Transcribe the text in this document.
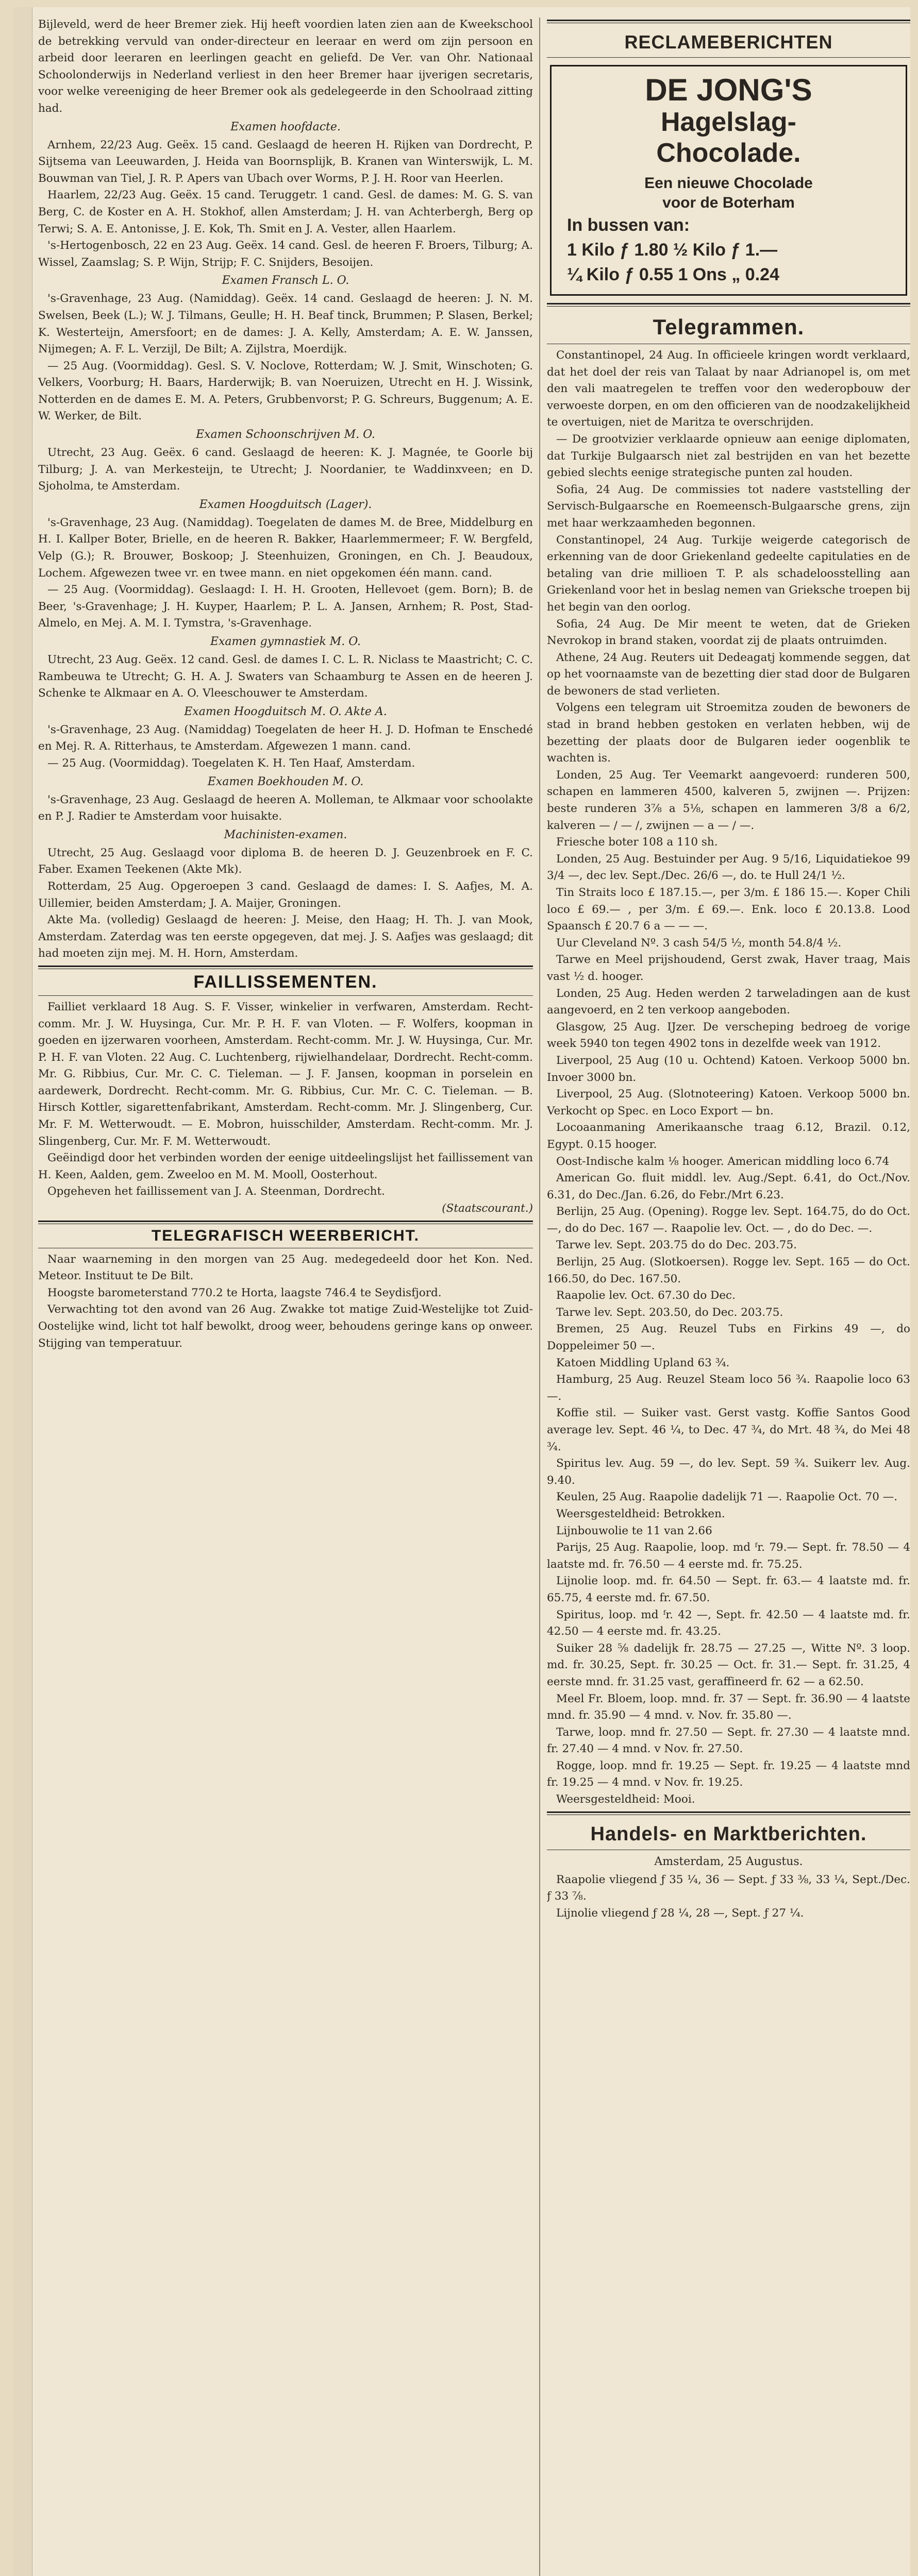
Bijleveld, werd de heer Bremer ziek. Hij heeft voordien laten zien aan de Kweekschool de betrekking vervuld van onder-directeur en leeraar en werd om zijn persoon en arbeid door leeraren en leerlingen geacht en geliefd. De Ver. van Ohr. Nationaal Schoolonderwijs in Nederland verliest in den heer Bremer haar ijverigen secretaris, voor welke vereeniging de heer Bremer ook als gedelegeerde in den Schoolraad zitting had.

Examen hoofdacte.

Arnhem, 22/23 Aug. Geëx. 15 cand. Geslaagd de heeren H. Rijken van Dordrecht, P. Sijtsema van Leeuwarden, J. Heida van Boornsplijk, B. Kranen van Winterswijk, L. M. Bouwman van Tiel, J. R. P. Apers van Ubach over Worms, P. J. H. Roor van Heerlen.

Haarlem, 22/23 Aug. Geëx. 15 cand. Teruggetr. 1 cand. Gesl. de dames: M. G. S. van Berg, C. de Koster en A. H. Stokhof, allen Amsterdam; J. H. van Achterbergh, Berg op Terwi; S. A. E. Antonisse, J. E. Kok, Th. Smit en J. A. Vester, allen Haarlem.

's-Hertogenbosch, 22 en 23 Aug. Geëx. 14 cand. Gesl. de heeren F. Broers, Tilburg; A. Wissel, Zaamslag; S. P. Wijn, Strijp; F. C. Snijders, Besoijen.

Examen Fransch L. O.

's-Gravenhage, 23 Aug. (Namiddag). Geëx. 14 cand. Geslaagd de heeren: J. N. M. Swelsen, Beek (L.); W. J. Tilmans, Geulle; H. H. Beaf tinck, Brummen; P. Slasen, Berkel; K. Westerteijn, Amersfoort; en de dames: J. A. Kelly, Amsterdam; A. E. W. Janssen, Nijmegen; A. F. L. Verzijl, De Bilt; A. Zijlstra, Moerdijk.

— 25 Aug. (Voormiddag). Gesl. S. V. Noclove, Rotterdam; W. J. Smit, Winschoten; G. Velkers, Voorburg; H. Baars, Harderwijk; B. van Noeruizen, Utrecht en H. J. Wissink, Notterden en de dames E. M. A. Peters, Grubbenvorst; P. G. Schreurs, Buggenum; A. E. W. Werker, de Bilt.

Examen Schoonschrijven M. O.

Utrecht, 23 Aug. Geëx. 6 cand. Geslaagd de heeren: K. J. Magnée, te Goorle bij Tilburg; J. A. van Merkesteijn, te Utrecht; J. Noordanier, te Waddinxveen; en D. Sjoholma, te Amsterdam.

Examen Hoogduitsch (Lager).

's-Gravenhage, 23 Aug. (Namiddag). Toegelaten de dames M. de Bree, Middelburg en H. I. Kallper Boter, Brielle, en de heeren R. Bakker, Haarlemmermeer; F. W. Bergfeld, Velp (G.); R. Brouwer, Boskoop; J. Steenhuizen, Groningen, en Ch. J. Beaudoux, Lochem. Afgewezen twee vr. en twee mann. en niet opgekomen één mann. cand.

— 25 Aug. (Voormiddag). Geslaagd: I. H. H. Grooten, Hellevoet (gem. Born); B. de Beer, 's-Gravenhage; J. H. Kuyper, Haarlem; P. L. A. Jansen, Arnhem; R. Post, Stad-Almelo, en Mej. A. M. I. Tymstra, 's-Gravenhage.

Examen gymnastiek M. O.

Utrecht, 23 Aug. Geëx. 12 cand. Gesl. de dames I. C. L. R. Niclass te Maastricht; C. C. Rambeuwa te Utrecht; G. H. A. J. Swaters van Schaamburg te Assen en de heeren J. Schenke te Alkmaar en A. O. Vleeschouwer te Amsterdam.

Examen Hoogduitsch M. O. Akte A.

's-Gravenhage, 23 Aug. (Namiddag) Toegelaten de heer H. J. D. Hofman te Enschedé en Mej. R. A. Ritterhaus, te Amsterdam. Afgewezen 1 mann. cand.

— 25 Aug. (Voormiddag). Toegelaten K. H. Ten Haaf, Amsterdam.

Examen Boekhouden M. O.

's-Gravenhage, 23 Aug. Geslaagd de heeren A. Molleman, te Alkmaar voor schoolakte en P. J. Radier te Amsterdam voor huisakte.

Machinisten-examen.

Utrecht, 25 Aug. Geslaagd voor diploma B. de heeren D. J. Geuzenbroek en F. C. Faber. Examen Teekenen (Akte Mk).

Rotterdam, 25 Aug. Opgeroepen 3 cand. Geslaagd de dames: I. S. Aafjes, M. A. Uillemier, beiden Amsterdam; J. A. Maijer, Groningen.

Akte Ma. (volledig) Geslaagd de heeren: J. Meise, den Haag; H. Th. J. van Mook, Amsterdam. Zaterdag was ten eerste opgegeven, dat mej. J. S. Aafjes was geslaagd; dit had moeten zijn mej. M. H. Horn, Amsterdam.

FAILLISSEMENTEN.

Failliet verklaard 18 Aug. S. F. Visser, winkelier in verfwaren, Amsterdam. Recht-comm. Mr. J. W. Huysinga, Cur. Mr. P. H. F. van Vloten. — F. Wolfers, koopman in goeden en ijzerwaren voorheen, Amsterdam. Recht-comm. Mr. J. W. Huysinga, Cur. Mr. P. H. F. van Vloten. 22 Aug. C. Luchtenberg, rijwielhandelaar, Dordrecht. Recht-comm. Mr. G. Ribbius, Cur. Mr. C. C. Tieleman. — J. F. Jansen, koopman in porselein en aardewerk, Dordrecht. Recht-comm. Mr. G. Ribbius, Cur. Mr. C. C. Tieleman. — B. Hirsch Kottler, sigarettenfabrikant, Amsterdam. Recht-comm. Mr. J. Slingenberg, Cur. Mr. F. M. Wetterwoudt. — E. Mobron, huisschilder, Amsterdam. Recht-comm. Mr. J. Slingenberg, Cur. Mr. F. M. Wetterwoudt.

Geëindigd door het verbinden worden der eenige uitdeelingslijst het faillissement van H. Keen, Aalden, gem. Zweeloo en M. M. Mooll, Oosterhout.

Opgeheven het faillissement van J. A. Steenman, Dordrecht.

(Staatscourant.)

TELEGRAFISCH WEERBERICHT.

Naar waarneming in den morgen van 25 Aug. medegedeeld door het Kon. Ned. Meteor. Instituut te De Bilt.

Hoogste barometerstand 770.2 te Horta, laagste 746.4 te Seydisfjord.

Verwachting tot den avond van 26 Aug. Zwakke tot matige Zuid-Westelijke tot Zuid-Oostelijke wind, licht tot half bewolkt, droog weer, behoudens geringe kans op onweer. Stijging van temperatuur.

RECLAMEBERICHTEN
DE JONG'S
Hagelslag-
Chocolade.
Een nieuwe Chocolade
voor de Boterham
In bussen van:
1 Kilo ƒ 1.80 ½ Kilo ƒ 1.—
¼ Kilo ƒ 0.55 1 Ons „ 0.24
Telegrammen.

Constantinopel, 24 Aug. In officieele kringen wordt verklaard, dat het doel der reis van Talaat by naar Adrianopel is, om met den vali maatregelen te treffen voor den wederopbouw der verwoeste dorpen, en om den officieren van de noodzakelijkheid te overtuigen, niet de Maritza te overschrijden.

— De grootvizier verklaarde opnieuw aan eenige diplomaten, dat Turkije Bulgaarsch niet zal bestrijden en van het bezette gebied slechts eenige strategische punten zal houden.

Sofia, 24 Aug. De commissies tot nadere vaststelling der Servisch-Bulgaarsche en Roemeensch-Bulgaarsche grens, zijn met haar werkzaamheden begonnen.

Constantinopel, 24 Aug. Turkije weigerde categorisch de erkenning van de door Griekenland gedeelte capitulaties en de betaling van drie millioen T. P. als schadeloosstelling aan Griekenland voor het in beslag nemen van Grieksche troepen bij het begin van den oorlog.

Sofia, 24 Aug. De Mir meent te weten, dat de Grieken Nevrokop in brand staken, voordat zij de plaats ontruimden.

Athene, 24 Aug. Reuters uit Dedeagatj kommende seggen, dat op het voornaamste van de bezetting dier stad door de Bulgaren de bewoners de stad verlieten.

Volgens een telegram uit Stroemitza zouden de bewoners de stad in brand hebben gestoken en verlaten hebben, wij de bezetting der plaats door de Bulgaren ieder oogenblik te wachten is.

Londen, 25 Aug. Ter Veemarkt aangevoerd: runderen 500, schapen en lammeren 4500, kalveren 5, zwijnen —. Prijzen: beste runderen 3⅞ a 5⅛, schapen en lammeren 3/8 a 6/2, kalveren — / — /, zwijnen — a — / —.

Friesche boter 108 a 110 sh.

Londen, 25 Aug. Bestuinder per Aug. 9 5/16, Liquidatiekoe 99 3/4 —, dec lev. Sept./Dec. 26/6 —, do. te Hull 24/1 ½.

Tin Straits loco £ 187.15.—, per 3/m. £ 186 15.—. Koper Chili loco £ 69.— , per 3/m. £ 69.—. Enk. loco £ 20.13.8. Lood Spaansch £ 20.7 6 a — — —.

Uur Cleveland Nº. 3 cash 54/5 ½, month 54.8/4 ½.

Tarwe en Meel prijshoudend, Gerst zwak, Haver traag, Mais vast ½ d. hooger.

Londen, 25 Aug. Heden werden 2 tarweladingen aan de kust aangevoerd, en 2 ten verkoop aangeboden.

Glasgow, 25 Aug. IJzer. De verscheping bedroeg de vorige week 5940 ton tegen 4902 tons in dezelfde week van 1912.

Liverpool, 25 Aug (10 u. Ochtend) Katoen. Verkoop 5000 bn. Invoer 3000 bn.

Liverpool, 25 Aug. (Slotnoteering) Katoen. Verkoop 5000 bn. Verkocht op Spec. en Loco Export — bn.

Locoaanmaning Amerikaansche traag 6.12, Brazil. 0.12, Egypt. 0.15 hooger.

Oost-Indische kalm ⅛ hooger. American middling loco 6.74

American Go. fluit middl. lev. Aug./Sept. 6.41, do Oct./Nov. 6.31, do Dec./Jan. 6.26, do Febr./Mrt 6.23.

Berlijn, 25 Aug. (Opening). Rogge lev. Sept. 164.75, do do Oct. —, do do Dec. 167 —. Raapolie lev. Oct. — , do do Dec. —.

Tarwe lev. Sept. 203.75 do do Dec. 203.75.

Berlijn, 25 Aug. (Slotkoersen). Rogge lev. Sept. 165 — do Oct. 166.50, do Dec. 167.50.

Raapolie lev. Oct. 67.30 do Dec.

Tarwe lev. Sept. 203.50, do Dec. 203.75.

Bremen, 25 Aug. Reuzel Tubs en Firkins 49 —, do Doppeleimer 50 —.

Katoen Middling Upland 63 ¾.

Hamburg, 25 Aug. Reuzel Steam loco 56 ¾. Raapolie loco 63 —.

Koffie stil. — Suiker vast. Gerst vastg. Koffie Santos Good average lev. Sept. 46 ¼, to Dec. 47 ¾, do Mrt. 48 ¾, do Mei 48 ¾.

Spiritus lev. Aug. 59 —, do lev. Sept. 59 ¾. Suikerr lev. Aug. 9.40.

Keulen, 25 Aug. Raapolie dadelijk 71 —. Raapolie Oct. 70 —.

Weersgesteldheid: Betrokken.

Lijnbouwolie te 11 van 2.66

Parijs, 25 Aug. Raapolie, loop. md ᶠr. 79.— Sept. fr. 78.50 — 4 laatste md. fr. 76.50 — 4 eerste md. fr. 75.25.

Lijnolie loop. md. fr. 64.50 — Sept. fr. 63.— 4 laatste md. fr. 65.75, 4 eerste md. fr. 67.50.

Spiritus, loop. md ᶠr. 42 —, Sept. fr. 42.50 — 4 laatste md. fr. 42.50 — 4 eerste md. fr. 43.25.

Suiker 28 ⁵⁄₈ dadelijk fr. 28.75 — 27.25 —, Witte Nº. 3 loop. md. fr. 30.25, Sept. fr. 30.25 — Oct. fr. 31.— Sept. fr. 31.25, 4 eerste mnd. fr. 31.25 vast, geraffineerd fr. 62 — a 62.50.

Meel Fr. Bloem, loop. mnd. fr. 37 — Sept. fr. 36.90 — 4 laatste mnd. fr. 35.90 — 4 mnd. v. Nov. fr. 35.80 —.

Tarwe, loop. mnd fr. 27.50 — Sept. fr. 27.30 — 4 laatste mnd. fr. 27.40 — 4 mnd. v Nov. fr. 27.50.

Rogge, loop. mnd fr. 19.25 — Sept. fr. 19.25 — 4 laatste mnd fr. 19.25 — 4 mnd. v Nov. fr. 19.25.

Weersgesteldheid: Mooi.

Handels- en Marktberichten.

Amsterdam, 25 Augustus.

Raapolie vliegend ƒ 35 ¼, 36 — Sept. ƒ 33 ⅜, 33 ¼, Sept./Dec. ƒ 33 ⅞.

Lijnolie vliegend ƒ 28 ¼, 28 —, Sept. ƒ 27 ¼.
